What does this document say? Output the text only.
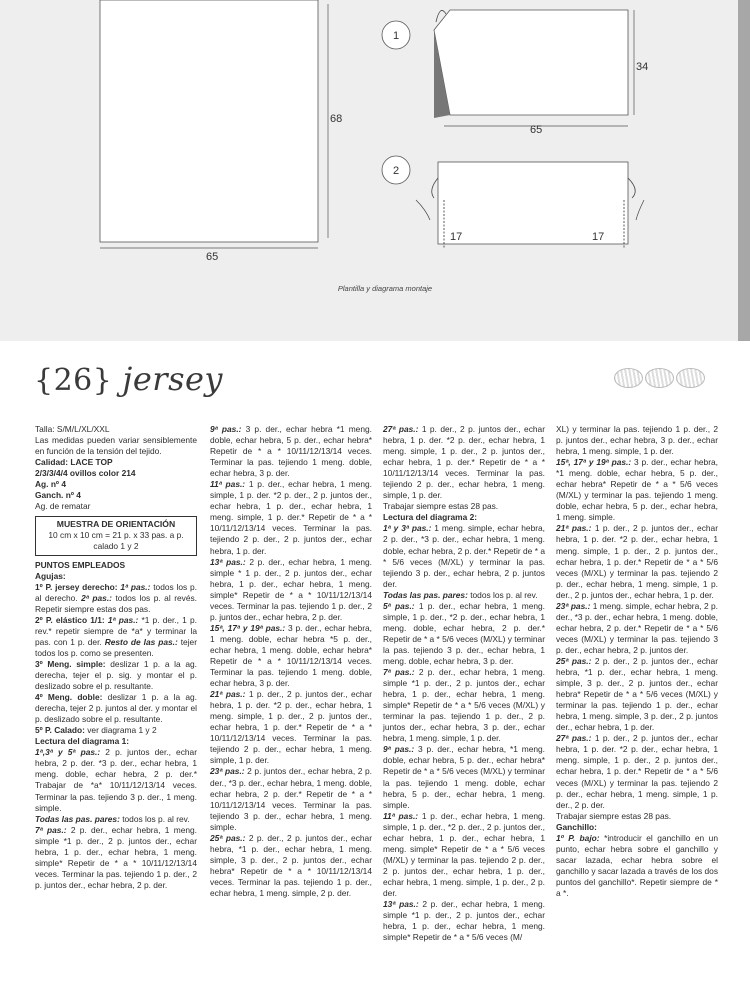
68
65
1
34
65
2
17	17
Plantilla y diagrama montaje
{26} jersey

Talla: S/M/L/XL/XXL

Las medidas pueden variar sensiblemente en función de la tensión del tejido.

Calidad: LACE TOP

2/3/3/4/4 ovillos color 214

Ag. nº 4

Ganch. nº 4

Ag. de rematar

MUESTRA DE ORIENTACIÓN
10 cm x 10 cm = 21 p. x 33 pas. a p. calado 1 y 2

PUNTOS EMPLEADOS

Agujas:

1º P. jersey derecho: 1ª pas.: todos los p. al derecho. 2ª pas.: todos los p. al revés. Repetir siempre estas dos pas.

2º P. elástico 1/1: 1ª pas.: *1 p. der., 1 p. rev.* repetir siempre de *a* y terminar la pas. con 1 p. der. Resto de las pas.: tejer todos los p. como se presenten.

3º Meng. simple: deslizar 1 p. a la ag. derecha, tejer el p. sig. y montar el p. deslizado sobre el p. resultante.

4º Meng. doble: deslizar 1 p. a la ag. derecha, tejer 2 p. juntos al der. y montar el p. deslizado sobre el p. resultante.

5º P. Calado: ver diagrama 1 y 2

Lectura del diagrama 1:

1ª,3ª y 5ª pas.: 2 p. juntos der., echar hebra, 2 p. der. *3 p. der., echar hebra, 1 meng. doble, echar hebra, 2 p. der.* Trabajar de *a* 10/11/12/13/14 veces. Terminar la pas. tejiendo 3 p. der., 1 meng. simple.

Todas las pas. pares: todos los p. al rev.

7ª pas.: 2 p. der., echar hebra, 1 meng. simple *1 p. der., 2 p. juntos der., echar hebra, 1 p. der., echar hebra, 1 meng. simple* Repetir de * a * 10/11/12/13/14 veces. Terminar la pas. tejiendo 1 p. der., 2 p. juntos der., echar hebra, 2 p. der.

9ª pas.: 3 p. der., echar hebra *1 meng. doble, echar hebra, 5 p. der., echar hebra* Repetir de * a * 10/11/12/13/14 veces. Terminar la pas. tejiendo 1 meng. doble, echar hebra, 3 p. der.

11ª pas.: 1 p. der., echar hebra, 1 meng. simple, 1 p. der. *2 p. der., 2 p. juntos der., echar hebra, 1 p. der., echar hebra, 1 meng. simple, 1 p. der.* Repetir de * a * 10/11/12/13/14 veces. Terminar la pas. tejiendo 2 p. der., 2 p. juntos der., echar hebra, 1 p. der.

13ª pas.: 2 p. der., echar hebra, 1 meng. simple * 1 p. der., 2 p. juntos der., echar hebra, 1 p. der., echar hebra, 1 meng. simple* Repetir de * a * 10/11/12/13/14 veces. Terminar la pas. tejiendo 1 p. der., 2 p. juntos der., echar hebra, 2 p. der.

15ª, 17ª y 19ª pas.: 3 p. der., echar hebra, 1 meng. doble, echar hebra *5 p. der., echar hebra, 1 meng. doble, echar hebra* Repetir de * a * 10/11/12/13/14 veces. Terminar la pas. tejiendo 1 meng. doble, echar hebra, 3 p. der.

21ª pas.: 1 p. der., 2 p. juntos der., echar hebra, 1 p. der. *2 p. der., echar hebra, 1 meng. simple, 1 p. der., 2 p. juntos der., echar hebra, 1 p. der.* Repetir de * a * 10/11/12/13/14 veces. Terminar la pas. tejiendo 2 p. der., echar hebra, 1 meng. simple, 1 p. der.

23ª pas.: 2 p. juntos der., echar hebra, 2 p. der., *3 p. der., echar hebra, 1 meng. doble, echar hebra, 2 p. der.* Repetir de * a * 10/11/12/13/14 veces. Terminar la pas. tejiendo 3 p. der., echar hebra, 1 meng. simple.

25ª pas.: 2 p. der., 2 p. juntos der., echar hebra, *1 p. der., echar hebra, 1 meng. simple, 3 p. der., 2 p. juntos der., echar hebra* Repetir de * a * 10/11/12/13/14 veces. Terminar la pas. tejiendo 1 p. der., echar hebra, 1 meng. simple, 2 p. der.

27ª pas.: 1 p. der., 2 p. juntos der., echar hebra, 1 p. der. *2 p. der., echar hebra, 1 meng. simple, 1 p. der., 2 p. juntos der., echar hebra, 1 p. der.* Repetir de * a * 10/11/12/13/14 veces. Terminar la pas. tejiendo 2 p. der., echar hebra, 1 meng. simple, 1 p. der.

Trabajar siempre estas 28 pas.

Lectura del diagrama 2:

1ª y 3ª pas.: 1 meng. simple, echar hebra, 2 p. der., *3 p. der., echar hebra, 1 meng. doble, echar hebra, 2 p. der.* Repetir de * a * 5/6 veces (M/XL) y terminar la pas. tejiendo 3 p. der., echar hebra, 2 p. juntos der.

Todas las pas. pares: todos los p. al rev.

5ª pas.: 1 p. der., echar hebra, 1 meng. simple, 1 p. der., *2 p. der., echar hebra, 1 meng. doble, echar hebra, 2 p. der.* Repetir de * a * 5/6 veces (M/XL) y terminar la pas. tejiendo 3 p. der., echar hebra, 1 meng. doble, echar hebra, 3 p. der.

7ª pas.: 2 p. der., echar hebra, 1 meng. simple *1 p. der., 2 p. juntos der., echar hebra, 1 p. der., echar hebra, 1 meng. simple* Repetir de * a * 5/6 veces (M/XL) y terminar la pas. tejiendo 1 p. der., 2 p. juntos der., echar hebra, 3 p. der., echar hebra, 1 meng. simple, 1 p. der.

9ª pas.: 3 p. der., echar hebra, *1 meng. doble, echar hebra, 5 p. der., echar hebra* Repetir de * a * 5/6 veces (M/XL) y terminar la pas. tejiendo 1 meng. doble, echar hebra, 5 p. der., echar hebra, 1 meng. simple.

11ª pas.: 1 p. der., echar hebra, 1 meng. simple, 1 p. der., *2 p. der., 2 p. juntos der., echar hebra, 1 p. der., echar hebra, 1 meng. simple* Repetir de * a * 5/6 veces (M/XL) y terminar la pas. tejiendo 2 p. der., 2 p. juntos der., echar hebra, 1 p. der., echar hebra, 1 meng. simple, 1 p. der., 2 p. der.

13ª pas.: 2 p. der., echar hebra, 1 meng. simple *1 p. der., 2 p. juntos der., echar hebra, 1 p. der., echar hebra, 1 meng. simple* Repetir de * a * 5/6 veces (M/

XL) y terminar la pas. tejiendo 1 p. der., 2 p. juntos der., echar hebra, 3 p. der., echar hebra, 1 meng. simple, 1 p. der.

15ª, 17ª y 19ª pas.: 3 p. der., echar hebra, *1 meng. doble, echar hebra, 5 p. der., echar hebra* Repetir de * a * 5/6 veces (M/XL) y terminar la pas. tejiendo 1 meng. doble, echar hebra, 5 p. der., echar hebra, 1 meng. simple.

21ª pas.: 1 p. der., 2 p. juntos der., echar hebra, 1 p. der. *2 p. der., echar hebra, 1 meng. simple, 1 p. der., 2 p. juntos der., echar hebra, 1 p. der.* Repetir de * a * 5/6 veces (M/XL) y terminar la pas. tejiendo 2 p. der., echar hebra, 1 meng. simple, 1 p. der., 2 p. juntos der., echar hebra, 1 p. der.

23ª pas.: 1 meng. simple, echar hebra, 2 p. der., *3 p. der., echar hebra, 1 meng. doble, echar hebra, 2 p. der.* Repetir de * a * 5/6 veces (M/XL) y terminar la pas. tejiendo 3 p. der., echar hebra, 2 p. juntos der.

25ª pas.: 2 p. der., 2 p. juntos der., echar hebra, *1 p. der., echar hebra, 1 meng. simple, 3 p. der., 2 p. juntos der., echar hebra* Repetir de * a * 5/6 veces (M/XL) y terminar la pas. tejiendo 1 p. der., echar hebra, 1 meng. simple, 3 p. der., 2 p. juntos der., echar hebra, 1 p. der.

27ª pas.: 1 p. der., 2 p. juntos der., echar hebra, 1 p. der. *2 p. der., echar hebra, 1 meng. simple, 1 p. der., 2 p. juntos der., echar hebra, 1 p. der.* Repetir de * a * 5/6 veces (M/XL) y terminar la pas. tejiendo 2 p. der., echar hebra, 1 meng. simple, 1 p. der., 2 p. der.

Trabajar siempre estas 28 pas.

Ganchillo:

1º P. bajo: *introducir el ganchillo en un punto, echar hebra sobre el ganchillo y sacar lazada, echar hebra sobre el ganchillo y sacar lazada a través de los dos puntos del ganchillo*. Repetir siempre de * a *.
